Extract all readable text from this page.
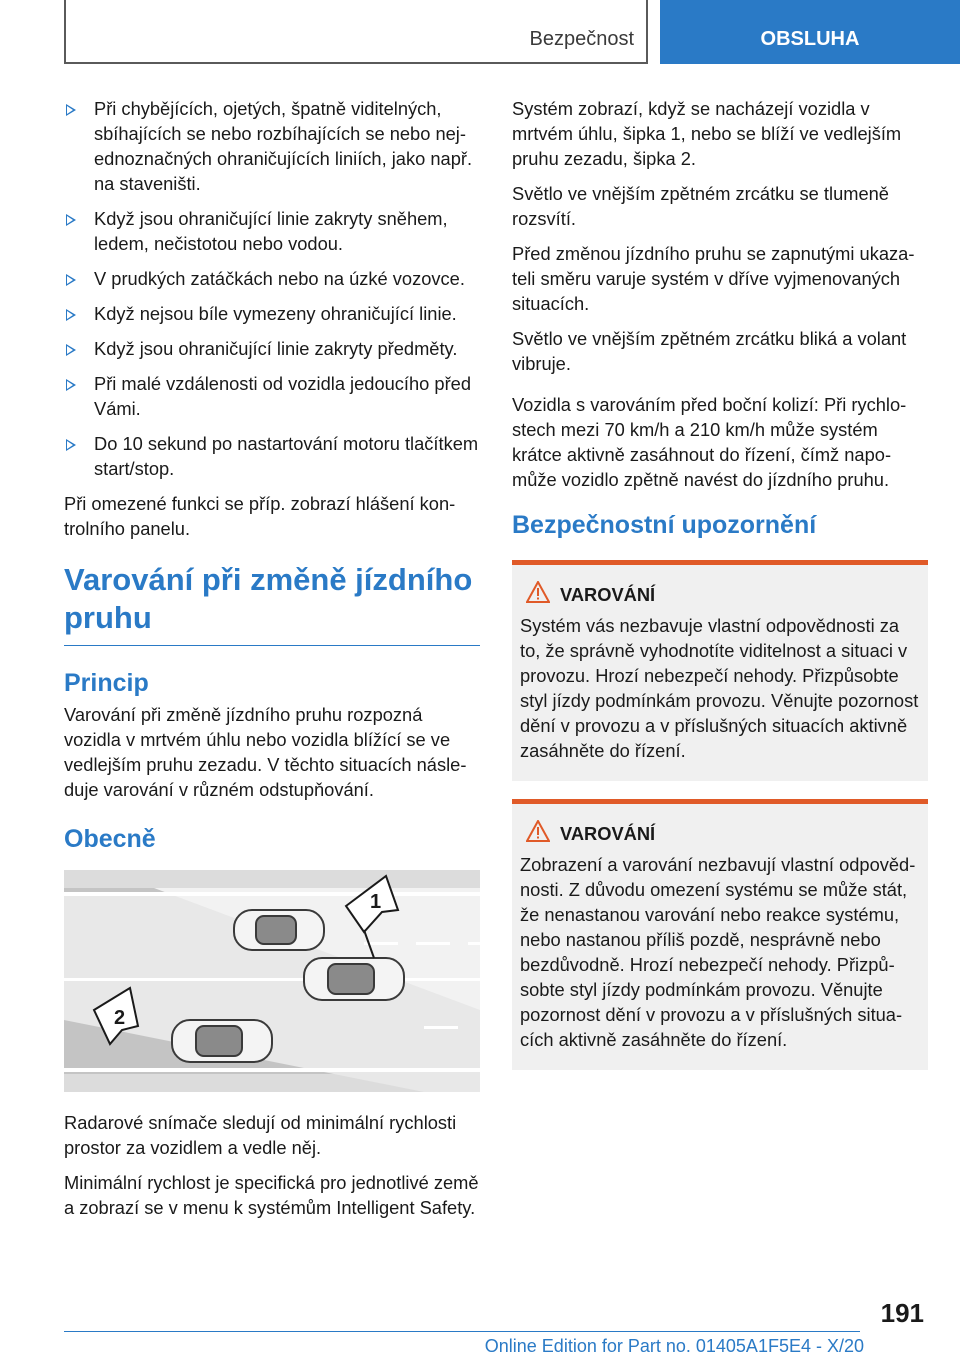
Bezpečnost	OBSLUHA
Při chybějících, ojetých, špatně viditelných, sbíhajících se nebo rozbíhajících se nebo nejednoznačných ohraničujících liniích, jako např. na staveništi.
Když jsou ohraničující linie zakryty sněhem, ledem, nečistotou nebo vodou.
V prudkých zatáčkách nebo na úzké vozovce.
Když nejsou bíle vymezeny ohraničující linie.
Když jsou ohraničující linie zakryty předměty.
Při malé vzdálenosti od vozidla jedoucího před Vámi.
Do 10 sekund po nastartování motoru tlačítkem start/stop.

Při omezené funkci se příp. zobrazí hlášení kontrolního panelu.

Varování při změně jízdního pruhu
Princip

Varování při změně jízdního pruhu rozpozná vozidla v mrtvém úhlu nebo vozidla blížící se ve vedlejším pruhu zezadu. V těchto situacích následuje varování v různém odstupňování.

Obecně
1
2

Radarové snímače sledují od minimální rychlosti prostor za vozidlem a vedle něj.

Minimální rychlost je specifická pro jednotlivé země a zobrazí se v menu k systémům Intelligent Safety.

Systém zobrazí, když se nacházejí vozidla v mrtvém úhlu, šipka 1, nebo se blíží ve vedlejším pruhu zezadu, šipka 2.

Světlo ve vnějším zpětném zrcátku se tlumeně rozsvítí.

Před změnou jízdního pruhu se zapnutými ukazateli směru varuje systém v dříve vyjmenovaných situacích.

Světlo ve vnějším zpětném zrcátku bliká a volant vibruje.

Vozidla s varováním před boční kolizí: Při rychlostech mezi 70 km/h a 210 km/h může systém krátce aktivně zasáhnout do řízení, čímž napomůže vozidlo zpětně navést do jízdního pruhu.

Bezpečnostní upozornění
VAROVÁNÍ

Systém vás nezbavuje vlastní odpovědnosti za to, že správně vyhodnotíte viditelnost a situaci v provozu. Hrozí nebezpečí nehody. Přizpůsobte styl jízdy podmínkám provozu. Věnujte pozornost dění v provozu a v příslušných situacích aktivně zasáhněte do řízení.

VAROVÁNÍ

Zobrazení a varování nezbavují vlastní odpovědnosti. Z důvodu omezení systému se může stát, že nenastanou varování nebo reakce systému, nebo nastanou příliš pozdě, nesprávně nebo bezdůvodně. Hrozí nebezpečí nehody. Přizpůsobte styl jízdy podmínkám provozu. Věnujte pozornost dění v provozu a v příslušných situacích aktivně zasáhněte do řízení.

191
Online Edition for Part no. 01405A1F5E4 - X/20
